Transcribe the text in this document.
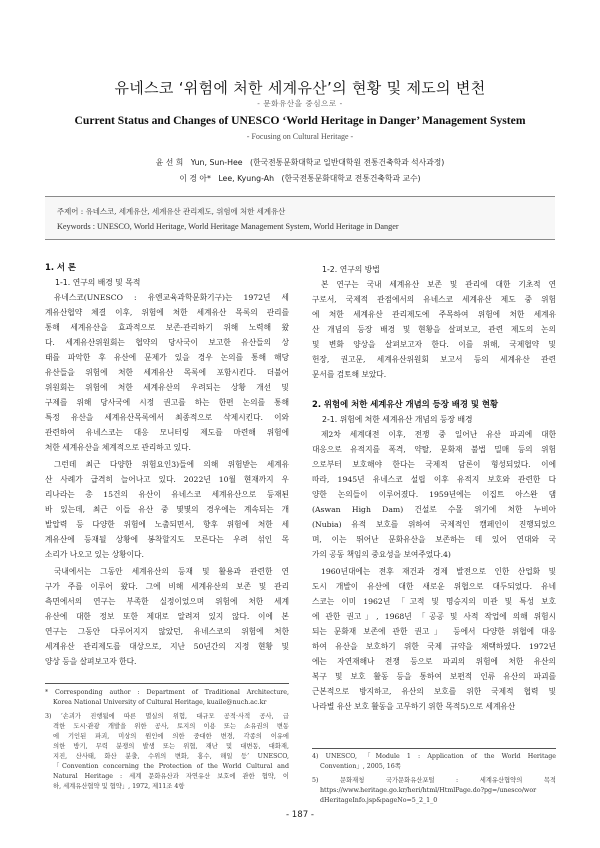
유네스코 ‘위험에 처한 세계유산’의 현황 및 제도의 변천
- 문화유산을 중심으로 -
Current Status and Changes of UNESCO ‘World Heritage in Danger’ Management System
- Focusing on Cultural Heritage -
윤 선 희 Yun, Sun-Hee (한국전통문화대학교 일반대학원 전통건축학과 석사과정)
이 경 아* Lee, Kyung-Ah (한국전통문화대학교 전통건축학과 교수)
주제어 : 유네스코, 세계유산, 세계유산 관리제도, 위험에 처한 세계유산
Keywords : UNESCO, World Heritage, World Heritage Management System, World Heritage in Danger
1. 서 론
1-1. 연구의 배경 및 목적
유네스코(UNESCO : 유엔교육과학문화기구)는 1972년 세
계유산협약 체결 이후, 위험에 처한 세계유산 목록의 관리를
통해 세계유산을 효과적으로 보존·관리하기 위해 노력해 왔
다. 세계유산위원회는 협약의 당사국이 보고한 유산들의 상
태를 파악한 후 유산에 문제가 있을 경우 논의를 통해 해당
유산들을 위험에 처한 세계유산 목록에 포함시킨다. 더불어
위원회는 위험에 처한 세계유산의 우려되는 상황 개선 및
구제를 위해 당사국에 시정 권고를 하는 한편 논의를 통해
특정 유산을 세계유산목록에서 최종적으로 삭제시킨다. 이와
관련하여 유네스코는 대응 모니터링 제도를 마련해 위험에
처한 세계유산을 체계적으로 관리하고 있다.
그런데 최근 다양한 위험요인3)들에 의해 위험받는 세계유
산 사례가 급격히 늘어나고 있다. 2022년 10월 현재까지 우
리나라는 총 15건의 유산이 유네스코 세계유산으로 등재된
바 있는데, 최근 이들 유산 중 몇몇의 경우에는 계속되는 개
발압력 등 다양한 위험에 노출되면서, 향후 위험에 처한 세
계유산에 등재될 상황에 봉착할지도 모른다는 우려 섞인 목
소리가 나오고 있는 상황이다.
국내에서는 그동안 세계유산의 등재 및 활용과 관련한 연
구가 주를 이루어 왔다. 그에 비해 세계유산의 보존 및 관리
측면에서의 연구는 부족한 실정이었으며 위험에 처한 세계
유산에 대한 정보 또한 제대로 알려져 있지 않다. 이에 본
연구는 그동안 다루어지지 않았던, 유네스코의 위험에 처한
세계유산 관리제도를 대상으로, 지난 50년간의 지정 현황 및
양상 등을 살펴보고자 한다.
* Corresponding author : Department of Traditional Architecture,
Korea National University of Cultural Heritage, kuaile@nuch.ac.kr
3) ‘손괴가 진행됨에 따른 멸실의 위험, 대규모 공적·사적 공사, 급
격한 도시·관광 개발을 위한 공사, 토지의 이용 또는 소유권의 변동
에 기인된 파괴, 미상의 원인에 의한 중대한 변경, 각종의 이유에
의한 방기, 무력 분쟁의 발생 또는 위협, 재난 및 대변동, 대화재,
지진, 산사태, 화산 분출, 수위의 변화, 홍수, 해일 등’ UNESCO,
「Convention concerning the Protection of the World Cultural and
Natural Heritage : 세계 문화유산과 자연유산 보호에 관한 협약, 이
하, 세계유산협약 및 협약」, 1972, 제11조 4항
1-2. 연구의 방법
본 연구는 국내 세계유산 보존 및 관리에 대한 기초적 연
구로서, 국제적 관점에서의 유네스코 세계유산 제도 중 위험
에 처한 세계유산 관리제도에 주목하여 위험에 처한 세계유
산 개념의 등장 배경 및 현황을 살펴보고, 관련 제도의 논의
및 변화 양상을 살펴보고자 한다. 이를 위해, 국제협약 및
헌장, 권고문, 세계유산위원회 보고서 등의 세계유산 관련
문서를 검토해 보았다.
2. 위험에 처한 세계유산 개념의 등장 배경 및 현황
2-1. 위험에 처한 세계유산 개념의 등장 배경
제2차 세계대전 이후, 전쟁 중 일어난 유산 파괴에 대한
대응으로 유적지를 폭격, 약탈, 문화재 불법 밀매 등의 위험
으로부터 보호해야 한다는 국제적 담론이 형성되었다. 이에
따라, 1945년 유네스코 설립 이후 유적지 보호와 관련한 다
양한 논의들이 이루어졌다. 1959년에는 이집트 아스완 댐
(Aswan High Dam) 건설로 수몰 위기에 처한 누비아
(Nubia) 유적 보호를 위하여 국제적인 캠페인이 진행되었으
며, 이는 뛰어난 문화유산을 보존하는 데 있어 연대와 국
가의 공동 책임의 중요성을 보여주었다.4)
1960년대에는 전후 재건과 경제 발전으로 인한 산업화 및
도시 개발이 유산에 대한 새로운 위협으로 대두되었다. 유네
스코는 이미 1962년 「고적 및 명승지의 미관 및 특성 보호
에 관한 권고」, 1968년 「공공 및 사적 작업에 의해 위험시
되는 문화재 보존에 관한 권고」 등에서 다양한 위협에 대응
하여 유산을 보호하기 위한 국제 규약을 채택하였다. 1972년
에는 자연재해나 전쟁 등으로 파괴의 위험에 처한 유산의
복구 및 보호 활동 등을 통하여 보편적 인류 유산의 파괴를
근본적으로 방지하고, 유산의 보호를 위한 국제적 협력 및
나라별 유산 보호 활동을 고무하기 위한 목적5)으로 세계유산
4) UNESCO, 「Module 1 : Application of the World Heritage
Convention」, 2005, 16쪽
5) 문화재청 국가문화유산포털 : 세계유산협약의 목적
https://www.heritage.go.kr/heri/html/HtmlPage.do?pg=/unesco/wor
dHeritageInfo.jsp&pageNo=5_2_1_0
- 187 -
